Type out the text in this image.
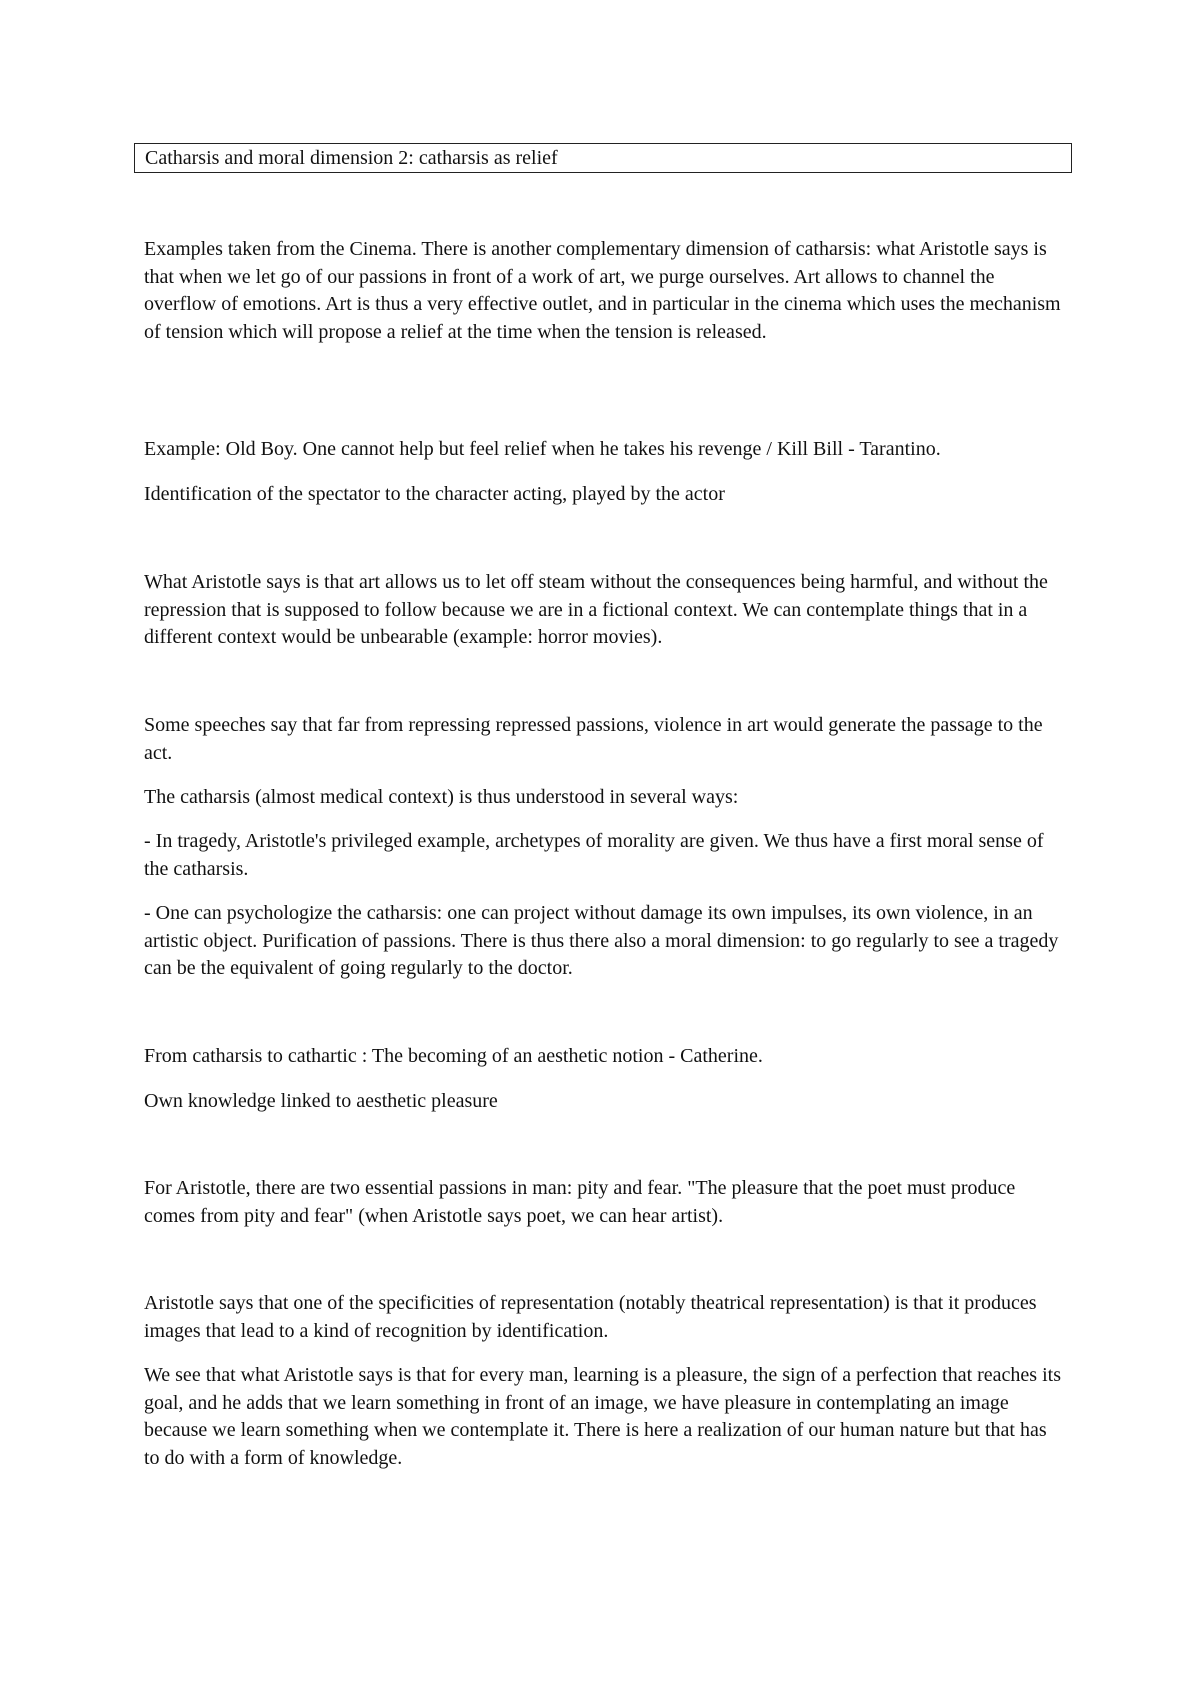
Catharsis and moral dimension 2: catharsis as relief

Examples taken from the Cinema. There is another complementary dimension of catharsis: what Aristotle says is that when we let go of our passions in front of a work of art, we purge ourselves. Art allows to channel the overflow of emotions. Art is thus a very effective outlet, and in particular in the cinema which uses the mechanism of tension which will propose a relief at the time when the tension is released.

Example: Old Boy. One cannot help but feel relief when he takes his revenge / Kill Bill - Tarantino.

Identification of the spectator to the character acting, played by the actor

What Aristotle says is that art allows us to let off steam without the consequences being harmful, and without the repression that is supposed to follow because we are in a fictional context. We can contemplate things that in a different context would be unbearable (example: horror movies).

Some speeches say that far from repressing repressed passions, violence in art would generate the passage to the act.

The catharsis (almost medical context) is thus understood in several ways:

- In tragedy, Aristotle's privileged example, archetypes of morality are given. We thus have a first moral sense of the catharsis.

- One can psychologize the catharsis: one can project without damage its own impulses, its own violence, in an artistic object. Purification of passions. There is thus there also a moral dimension: to go regularly to see a tragedy can be the equivalent of going regularly to the doctor.

From catharsis to cathartic : The becoming of an aesthetic notion - Catherine.

Own knowledge linked to aesthetic pleasure

For Aristotle, there are two essential passions in man: pity and fear. "The pleasure that the poet must produce comes from pity and fear" (when Aristotle says poet, we can hear artist).

Aristotle says that one of the specificities of representation (notably theatrical representation) is that it produces images that lead to a kind of recognition by identification.

We see that what Aristotle says is that for every man, learning is a pleasure, the sign of a perfection that reaches its goal, and he adds that we learn something in front of an image, we have pleasure in contemplating an image because we learn something when we contemplate it. There is here a realization of our human nature but that has to do with a form of knowledge.
